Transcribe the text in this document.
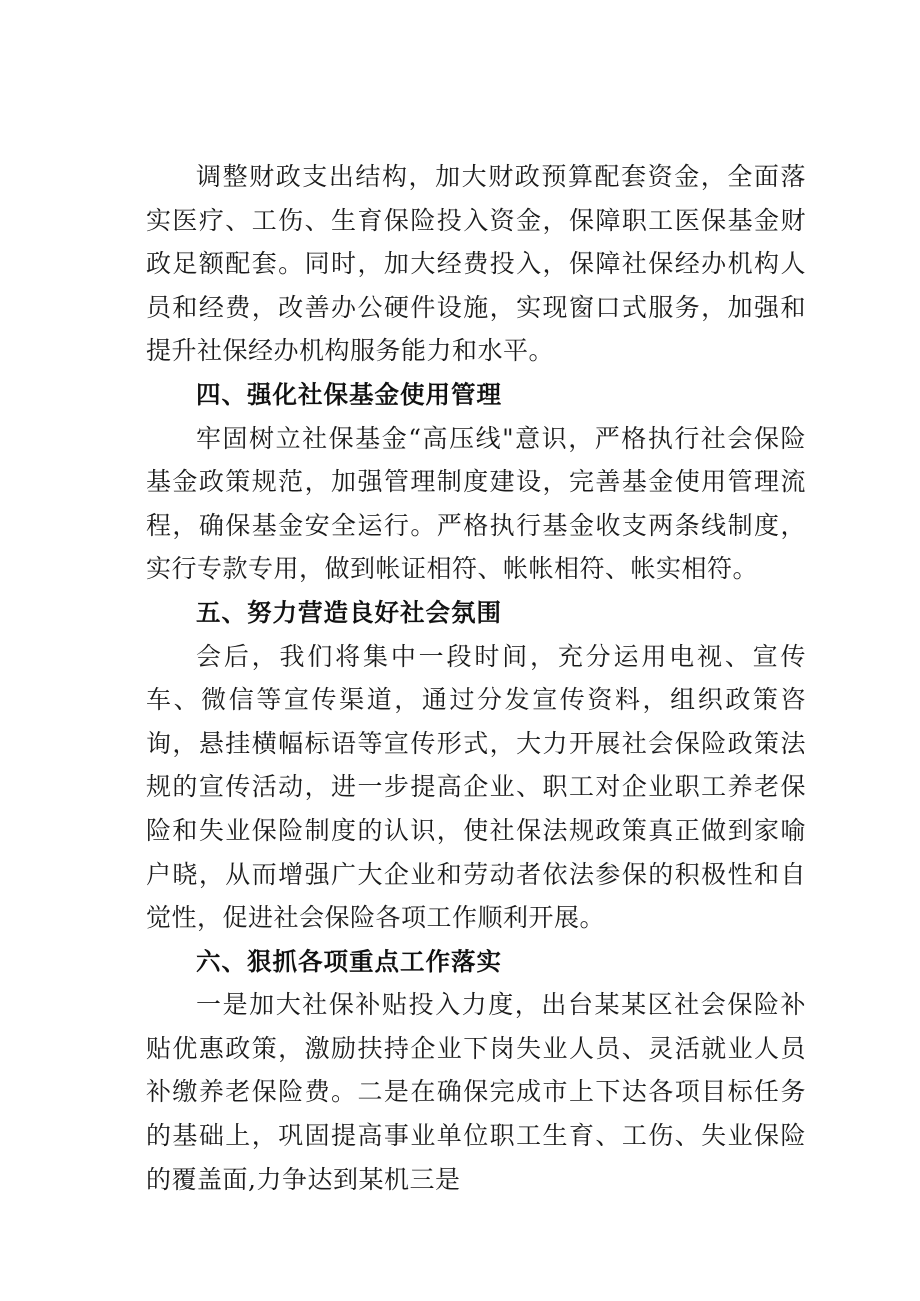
调整财政支出结构，加大财政预算配套资金，全面落实医疗、工伤、生育保险投入资金，保障职工医保基金财政足额配套。同时，加大经费投入，保障社保经办机构人员和经费，改善办公硬件设施，实现窗口式服务，加强和提升社保经办机构服务能力和水平。

四、强化社保基金使用管理

牢固树立社保基金“高压线"意识，严格执行社会保险基金政策规范，加强管理制度建设，完善基金使用管理流程，确保基金安全运行。严格执行基金收支两条线制度，实行专款专用，做到帐证相符、帐帐相符、帐实相符。

五、努力营造良好社会氛围

会后，我们将集中一段时间，充分运用电视、宣传车、微信等宣传渠道，通过分发宣传资料，组织政策咨询，悬挂横幅标语等宣传形式，大力开展社会保险政策法规的宣传活动，进一步提高企业、职工对企业职工养老保险和失业保险制度的认识，使社保法规政策真正做到家喻户晓，从而增强广大企业和劳动者依法参保的积极性和自觉性，促进社会保险各项工作顺利开展。

六、狠抓各项重点工作落实

一是加大社保补贴投入力度，出台某某区社会保险补贴优惠政策，激励扶持企业下岗失业人员、灵活就业人员补缴养老保险费。二是在确保完成市上下达各项目标任务的基础上，巩固提高事业单位职工生育、工伤、失业保险的覆盖面,力争达到某机三是
